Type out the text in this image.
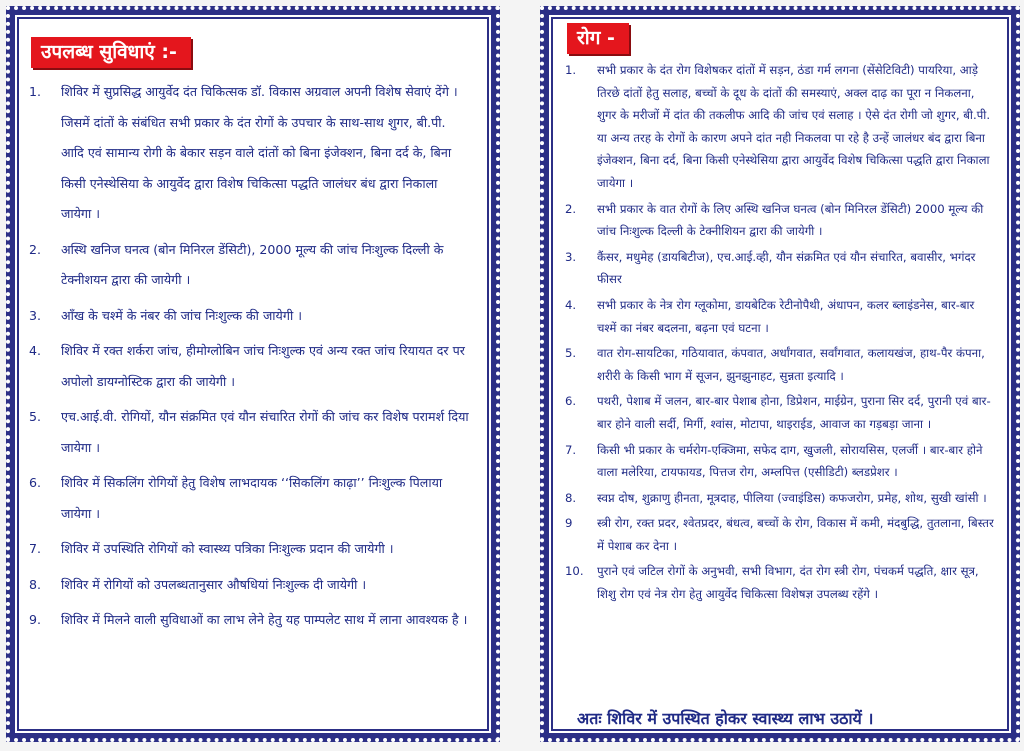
उपलब्ध सुविधाएं :-
1. शिविर में सुप्रसिद्ध आयुर्वेद दंत चिकित्सक डॉ. विकास अग्रवाल अपनी विशेष सेवाएं देंगे । जिसमें दांतों के संबंधित सभी प्रकार के दंत रोगों के उपचार के साथ-साथ शुगर, बी.पी. आदि एवं सामान्य रोगी के बेकार सड़न वाले दांतों को बिना इंजेक्शन, बिना दर्द के, बिना किसी एनेस्थेसिया के आयुर्वेद द्वारा विशेष चिकित्सा पद्धति जालंधर बंध द्वारा निकाला जायेगा ।
2. अस्थि खनिज घनत्व (बोन मिनिरल डेंसिटी), 2000 मूल्य की जांच निःशुल्क दिल्ली के टेक्नीशयन द्वारा की जायेगी ।
3. आँख के चश्में के नंबर की जांच निःशुल्क की जायेगी ।
4. शिविर में रक्त शर्करा जांच, हीमोग्लोबिन जांच निःशुल्क एवं अन्य रक्त जांच रियायत दर पर अपोलो डायग्नोस्टिक द्वारा की जायेगी ।
5. एच.आई.वी. रोगियों, यौन संक्रमित एवं यौन संचारित रोगों की जांच कर विशेष परामर्श दिया जायेगा ।
6. शिविर में सिकलिंग रोगियों हेतु विशेष लाभदायक ‘‘सिकलिंग काढ़ा’’ निःशुल्क पिलाया जायेगा ।
7. शिविर में उपस्थिति रोगियों को स्वास्थ्य पत्रिका निःशुल्क प्रदान की जायेगी ।
8. शिविर में रोगियों को उपलब्धतानुसार औषधियां निःशुल्क दी जायेगी ।
9. शिविर में मिलने वाली सुविधाओं का लाभ लेने हेतु यह पाम्पलेट साथ में लाना आवश्यक है ।
रोग -
1. सभी प्रकार के दंत रोग विशेषकर दांतों में सड़न, ठंडा गर्म लगना (सेंसेटिविटी) पायरिया, आड़े तिरछे दांतों हेतु सलाह, बच्चों के दूध के दांतों की समस्याएं, अक्ल दाढ़ का पूरा न निकलना, शुगर के मरीजों में दांत की तकलीफ आदि की जांच एवं सलाह । ऐसे दंत रोगी जो शुगर, बी.पी. या अन्य तरह के रोगों के कारण अपने दांत नही निकलवा पा रहे है उन्हें जालंधर बंद द्वारा बिना इंजेक्शन, बिना दर्द, बिना किसी एनेस्थेसिया द्वारा आयुर्वेद विशेष चिकित्सा पद्धति द्वारा निकाला जायेगा ।
2. सभी प्रकार के वात रोगों के लिए अस्थि खनिज घनत्व (बोन मिनिरल डेंसिटी) 2000 मूल्य की जांच निःशुल्क दिल्ली के टेक्नीशियन द्वारा की जायेगी ।
3. कैंसर, मधुमेह (डायबिटीज), एच.आई.व्ही, यौन संक्रमित एवं यौन संचारित, बवासीर, भगंदर फीसर
4. सभी प्रकार के नेत्र रोग ग्लूकोमा, डायबेटिक रेटीनोपैथी, अंधापन, कलर ब्लाइंडनेस, बार-बार चश्में का नंबर बदलना, बढ़ना एवं घटना ।
5. वात रोग-सायटिका, गठियावात, कंपवात, अर्धांगवात, सर्वांगवात, कलायखंज, हाथ-पैर कंपना, शरीरी के किसी भाग में सूजन, झुनझुनाहट, सुन्नता इत्यादि ।
6. पथरी, पेशाब में जलन, बार-बार पेशाब होना, डिप्रेशन, माईग्रेन, पुराना सिर दर्द, पुरानी एवं बार-बार होने वाली सर्दी, मिर्गी, श्वांस, मोटापा, थाइराईड, आवाज का गड़बड़ा जाना ।
7. किसी भी प्रकार के चर्मरोग-एक्जिमा, सफेद दाग, खुजली, सोरायसिस, एलर्जी । बार-बार होने वाला मलेरिया, टायफायड, पित्तज रोग, अम्लपित्त (एसीडिटी) ब्लडप्रेशर ।
8. स्वप्न दोष, शुक्राणु हीनता, मूत्रदाह, पीलिया (ज्वाइंडिस) कफजरोग, प्रमेह, शोथ, सुखी खांसी ।
9 स्त्री रोग, रक्त प्रदर, श्वेतप्रदर, बंधत्व, बच्चों के रोग, विकास में कमी, मंदबुद्धि, तुतलाना, बिस्तर में पेशाब कर देना ।
10. पुराने एवं जटिल रोगों के अनुभवी, सभी विभाग, दंत रोग स्त्री रोग, पंचकर्म पद्धति, क्षार सूत्र, शिशु रोग एवं नेत्र रोग हेतु आयुर्वेद चिकित्सा विशेषज्ञ उपलब्ध रहेंगे ।
अतः शिविर में उपस्थित होकर स्वास्थ्य लाभ उठायें ।
